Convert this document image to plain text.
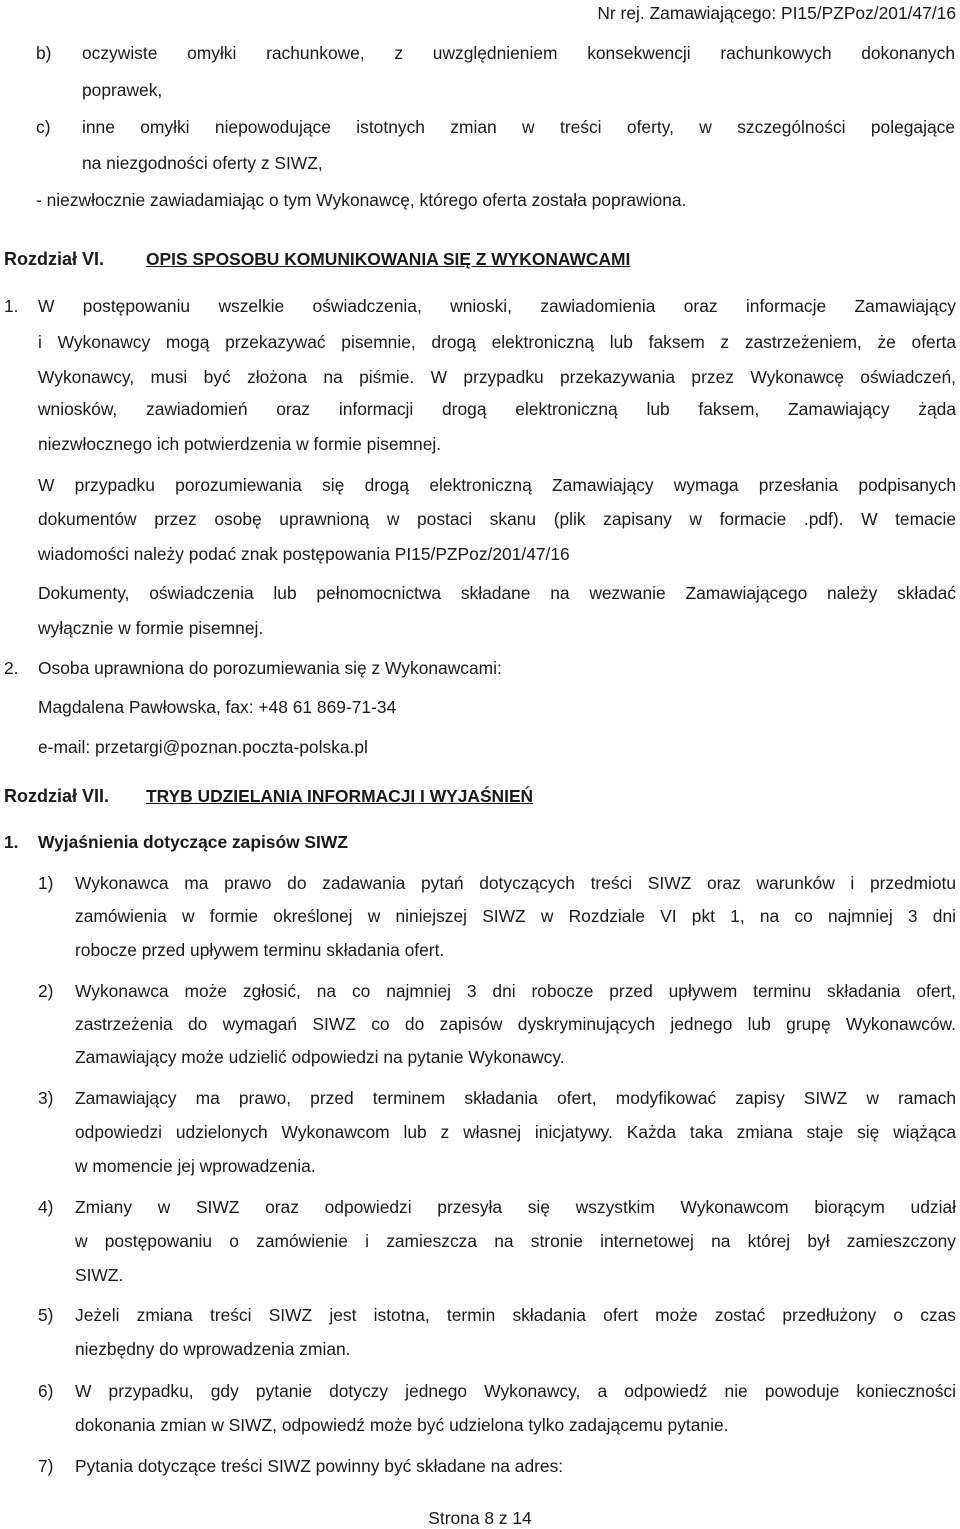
Nr rej. Zamawiającego: PI15/PZPoz/201/47/16
b) oczywiste omyłki rachunkowe, z uwzględnieniem konsekwencji rachunkowych dokonanych
poprawek,
c) inne omyłki niepowodujące istotnych zmian w treści oferty, w szczególności polegające
na niezgodności oferty z SIWZ,
- niezwłocznie zawiadamiając o tym Wykonawcę, którego oferta została poprawiona.
Rozdział VI. OPIS SPOSOBU KOMUNIKOWANIA SIĘ Z WYKONAWCAMI
1. W postępowaniu wszelkie oświadczenia, wnioski, zawiadomienia oraz informacje Zamawiający
i Wykonawcy mogą przekazywać pisemnie, drogą elektroniczną lub faksem z zastrzeżeniem, że oferta
Wykonawcy, musi być złożona na piśmie. W przypadku przekazywania przez Wykonawcę oświadczeń,
wniosków, zawiadomień oraz informacji drogą elektroniczną lub faksem, Zamawiający żąda
niezwłocznego ich potwierdzenia w formie pisemnej.
W przypadku porozumiewania się drogą elektroniczną Zamawiający wymaga przesłania podpisanych
dokumentów przez osobę uprawnioną w postaci skanu (plik zapisany w formacie .pdf). W temacie
wiadomości należy podać znak postępowania PI15/PZPoz/201/47/16
Dokumenty, oświadczenia lub pełnomocnictwa składane na wezwanie Zamawiającego należy składać
wyłącznie w formie pisemnej.
2. Osoba uprawniona do porozumiewania się z Wykonawcami:
Magdalena Pawłowska, fax: +48 61 869-71-34
e-mail: przetargi@poznan.poczta-polska.pl
Rozdział VII. TRYB UDZIELANIA INFORMACJI I WYJAŚNIEŃ
1. Wyjaśnienia dotyczące zapisów SIWZ
1) Wykonawca ma prawo do zadawania pytań dotyczących treści SIWZ oraz warunków i przedmiotu
zamówienia w formie określonej w niniejszej SIWZ w Rozdziale VI pkt 1, na co najmniej 3 dni
robocze przed upływem terminu składania ofert.
2) Wykonawca może zgłosić, na co najmniej 3 dni robocze przed upływem terminu składania ofert,
zastrzeżenia do wymagań SIWZ co do zapisów dyskryminujących jednego lub grupę Wykonawców.
Zamawiający może udzielić odpowiedzi na pytanie Wykonawcy.
3) Zamawiający ma prawo, przed terminem składania ofert, modyfikować zapisy SIWZ w ramach
odpowiedzi udzielonych Wykonawcom lub z własnej inicjatywy. Każda taka zmiana staje się wiążąca
w momencie jej wprowadzenia.
4) Zmiany w SIWZ oraz odpowiedzi przesyła się wszystkim Wykonawcom biorącym udział
w postępowaniu o zamówienie i zamieszcza na stronie internetowej na której był zamieszczony
SIWZ.
5) Jeżeli zmiana treści SIWZ jest istotna, termin składania ofert może zostać przedłużony o czas
niezbędny do wprowadzenia zmian.
6) W przypadku, gdy pytanie dotyczy jednego Wykonawcy, a odpowiedź nie powoduje konieczności
dokonania zmian w SIWZ, odpowiedź może być udzielona tylko zadającemu pytanie.
7) Pytania dotyczące treści SIWZ powinny być składane na adres:
Strona 8 z 14
